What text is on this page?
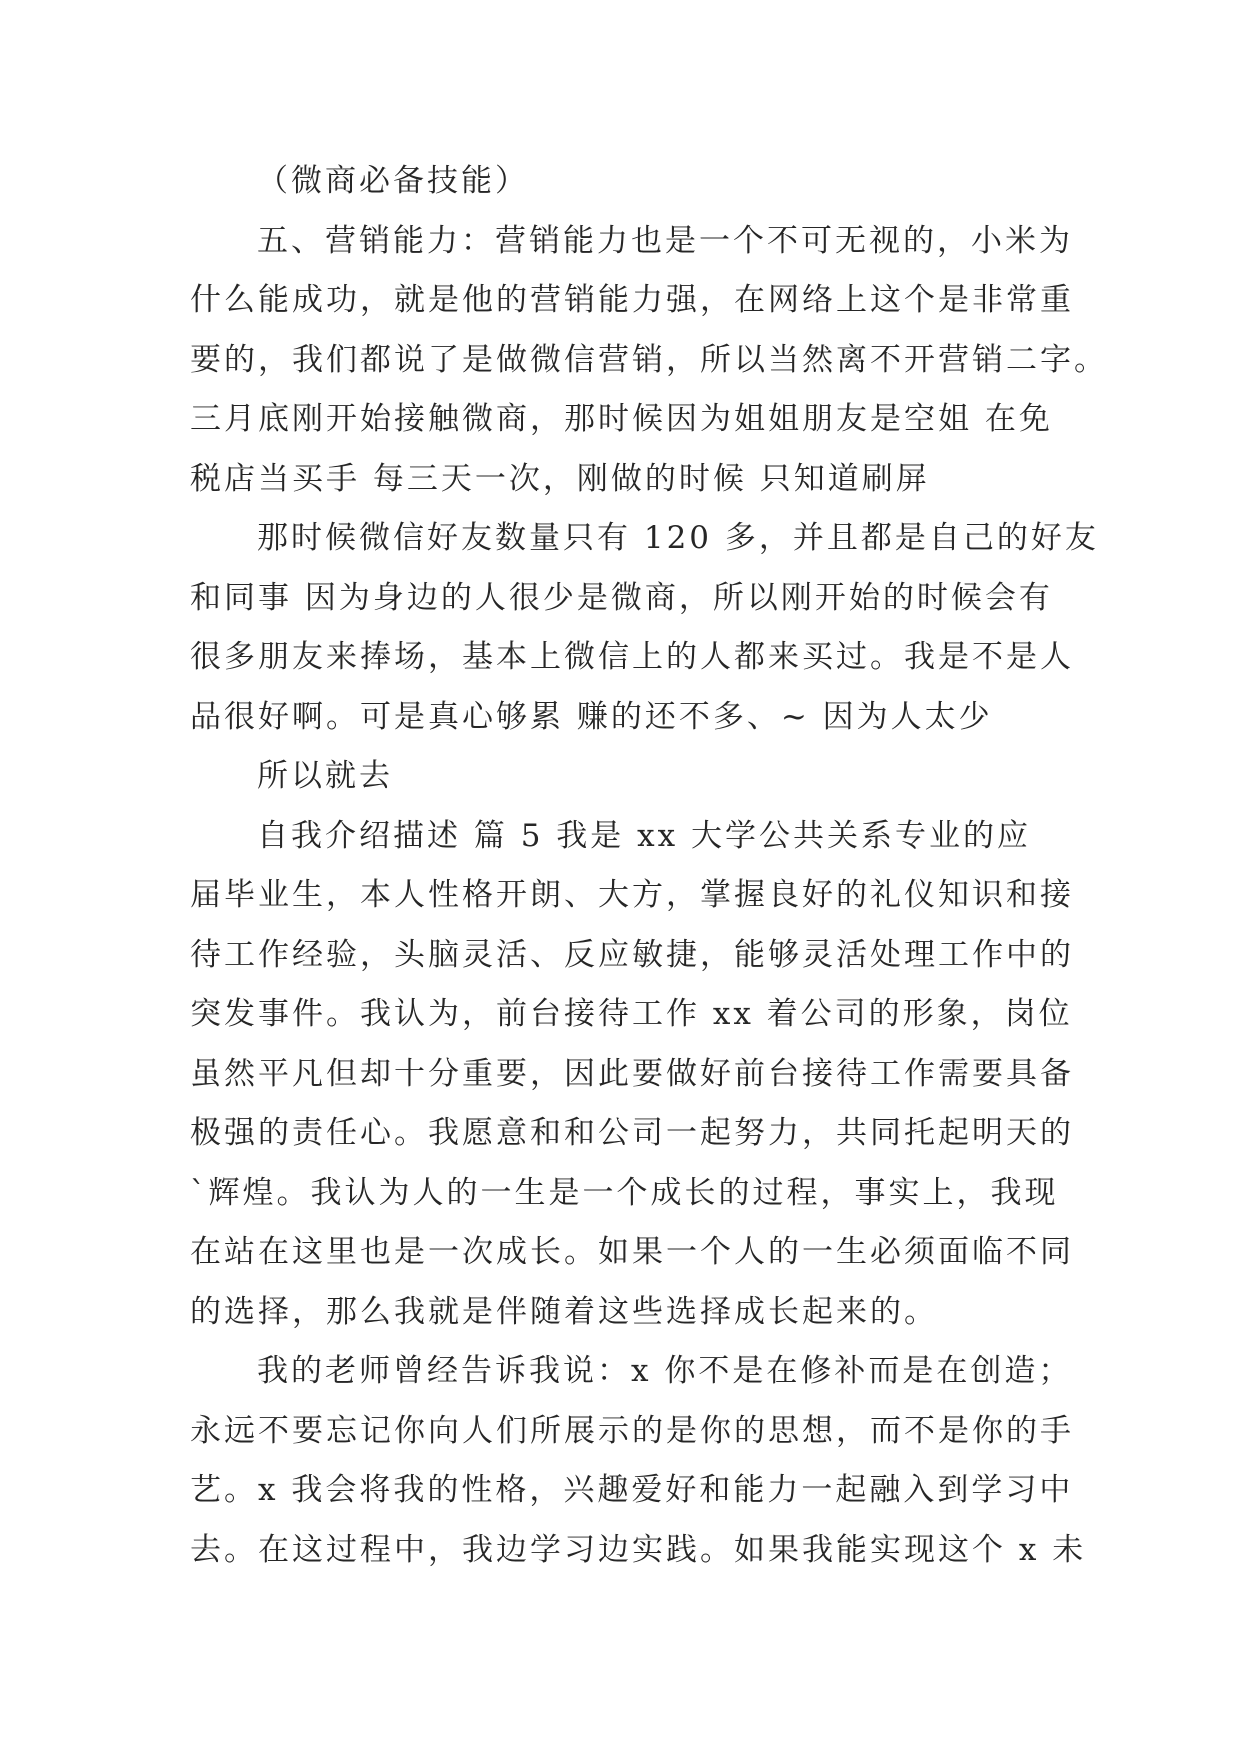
（微商必备技能）
五、营销能力：营销能力也是一个不可无视的，小米为
什么能成功，就是他的营销能力强，在网络上这个是非常重
要的，我们都说了是做微信营销，所以当然离不开营销二字。
三月底刚开始接触微商，那时候因为姐姐朋友是空姐 在免
税店当买手 每三天一次，刚做的时候 只知道刷屏
那时候微信好友数量只有 120 多，并且都是自己的好友
和同事 因为身边的人很少是微商，所以刚开始的时候会有
很多朋友来捧场，基本上微信上的人都来买过。我是不是人
品很好啊。可是真心够累 赚的还不多、~ 因为人太少
所以就去
自我介绍描述 篇 5 我是 xx 大学公共关系专业的应
届毕业生，本人性格开朗、大方，掌握良好的礼仪知识和接
待工作经验，头脑灵活、反应敏捷，能够灵活处理工作中的
突发事件。我认为，前台接待工作 xx 着公司的形象，岗位
虽然平凡但却十分重要，因此要做好前台接待工作需要具备
极强的责任心。我愿意和和公司一起努力，共同托起明天的
`辉煌。我认为人的一生是一个成长的过程，事实上，我现
在站在这里也是一次成长。如果一个人的一生必须面临不同
的选择，那么我就是伴随着这些选择成长起来的。
我的老师曾经告诉我说：x 你不是在修补而是在创造；
永远不要忘记你向人们所展示的是你的思想，而不是你的手
艺。x 我会将我的性格，兴趣爱好和能力一起融入到学习中
去。在这过程中，我边学习边实践。如果我能实现这个 x 未
